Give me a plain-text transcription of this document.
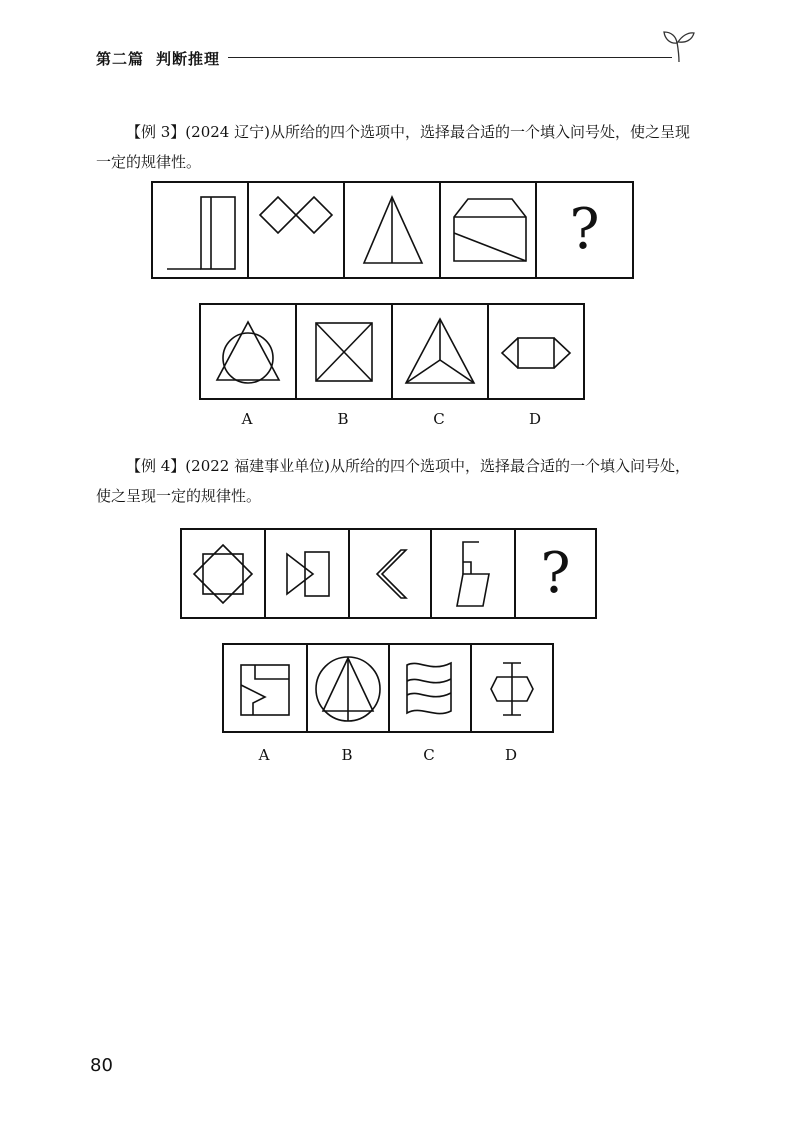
第二篇 判断推理
【例 3】(2024 辽宁)从所给的四个选项中，选择最合适的一个填入问号处，使之呈现一定的规律性。
?
A	B	C	D
【例 4】(2022 福建事业单位)从所给的四个选项中，选择最合适的一个填入问号处，使之呈现一定的规律性。
?
A	B	C	D
80
